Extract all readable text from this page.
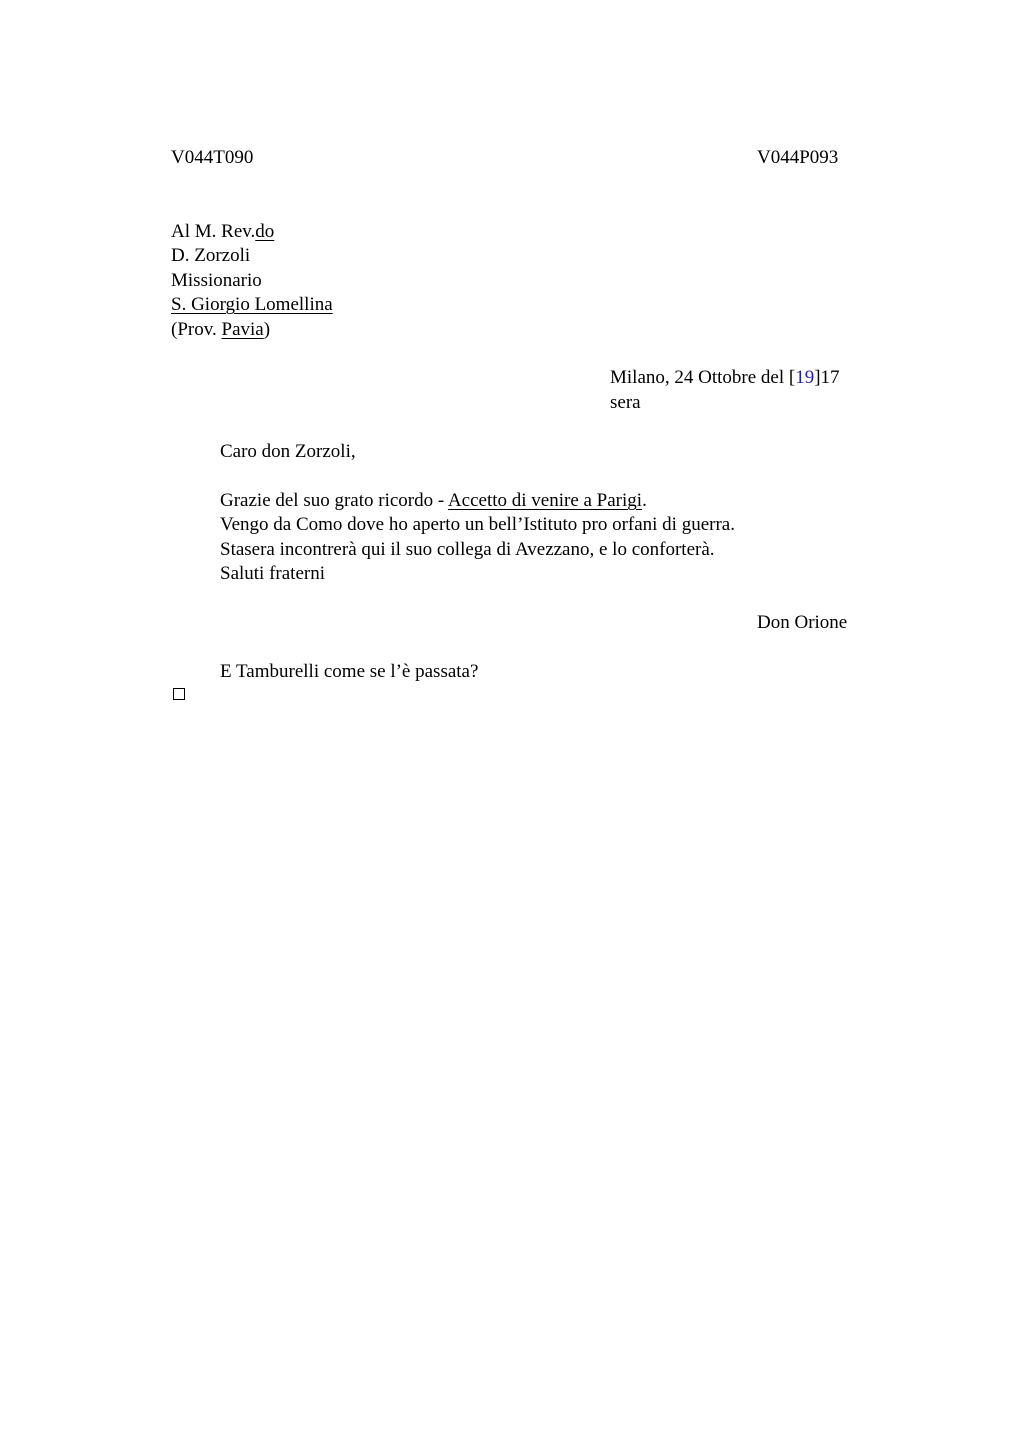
V044T090	V044P093
Al M. Rev.do
D. Zorzoli
Missionario
S. Giorgio Lomellina
(Prov. Pavia)
Milano, 24 Ottobre del [19]17
sera
Caro don Zorzoli,
Grazie del suo grato ricordo - Accetto di venire a Parigi.
Vengo da Como dove ho aperto un bell’Istituto pro orfani di guerra.
Stasera incontrerà qui il suo collega di Avezzano, e lo conforterà.
Saluti fraterni
Don Orione
E Tamburelli come se l’è passata?
